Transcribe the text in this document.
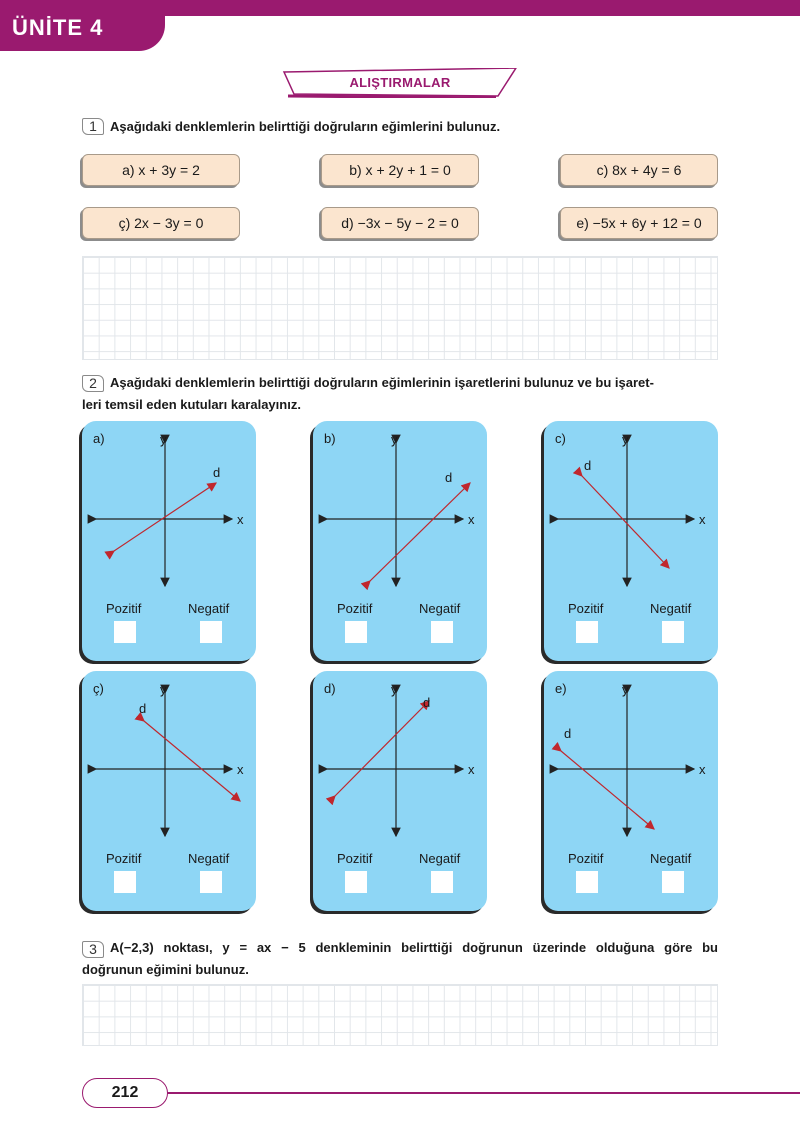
ÜNİTE 4
ALIŞTIRMALAR
1	Aşağıdaki denklemlerin belirttiği doğruların eğimlerini bulunuz.
a) x + 3y = 2	b) x + 2y + 1 = 0	c) 8x + 4y = 6
ç) 2x − 3y = 0	d) −3x − 5y − 2 = 0	e) −5x + 6y + 12 = 0
2	Aşağıdaki denklemlerin belirttiği doğruların eğimlerinin işaretlerini bulunuz ve bu işaret-
leri temsil eden kutuları karalayınız.
a)	y
x
d
Pozitif	Negatif
b)	y
x
d
Pozitif	Negatif
c)	y
x
d
Pozitif	Negatif
ç)	y
x
d
Pozitif	Negatif
d)	y
x
d
Pozitif	Negatif
e)	y
x
d
Pozitif	Negatif
3	A(−2,3) noktası, y = ax − 5 denkleminin belirttiği doğrunun üzerinde olduğuna göre bu
doğrunun eğimini bulunuz.
212
